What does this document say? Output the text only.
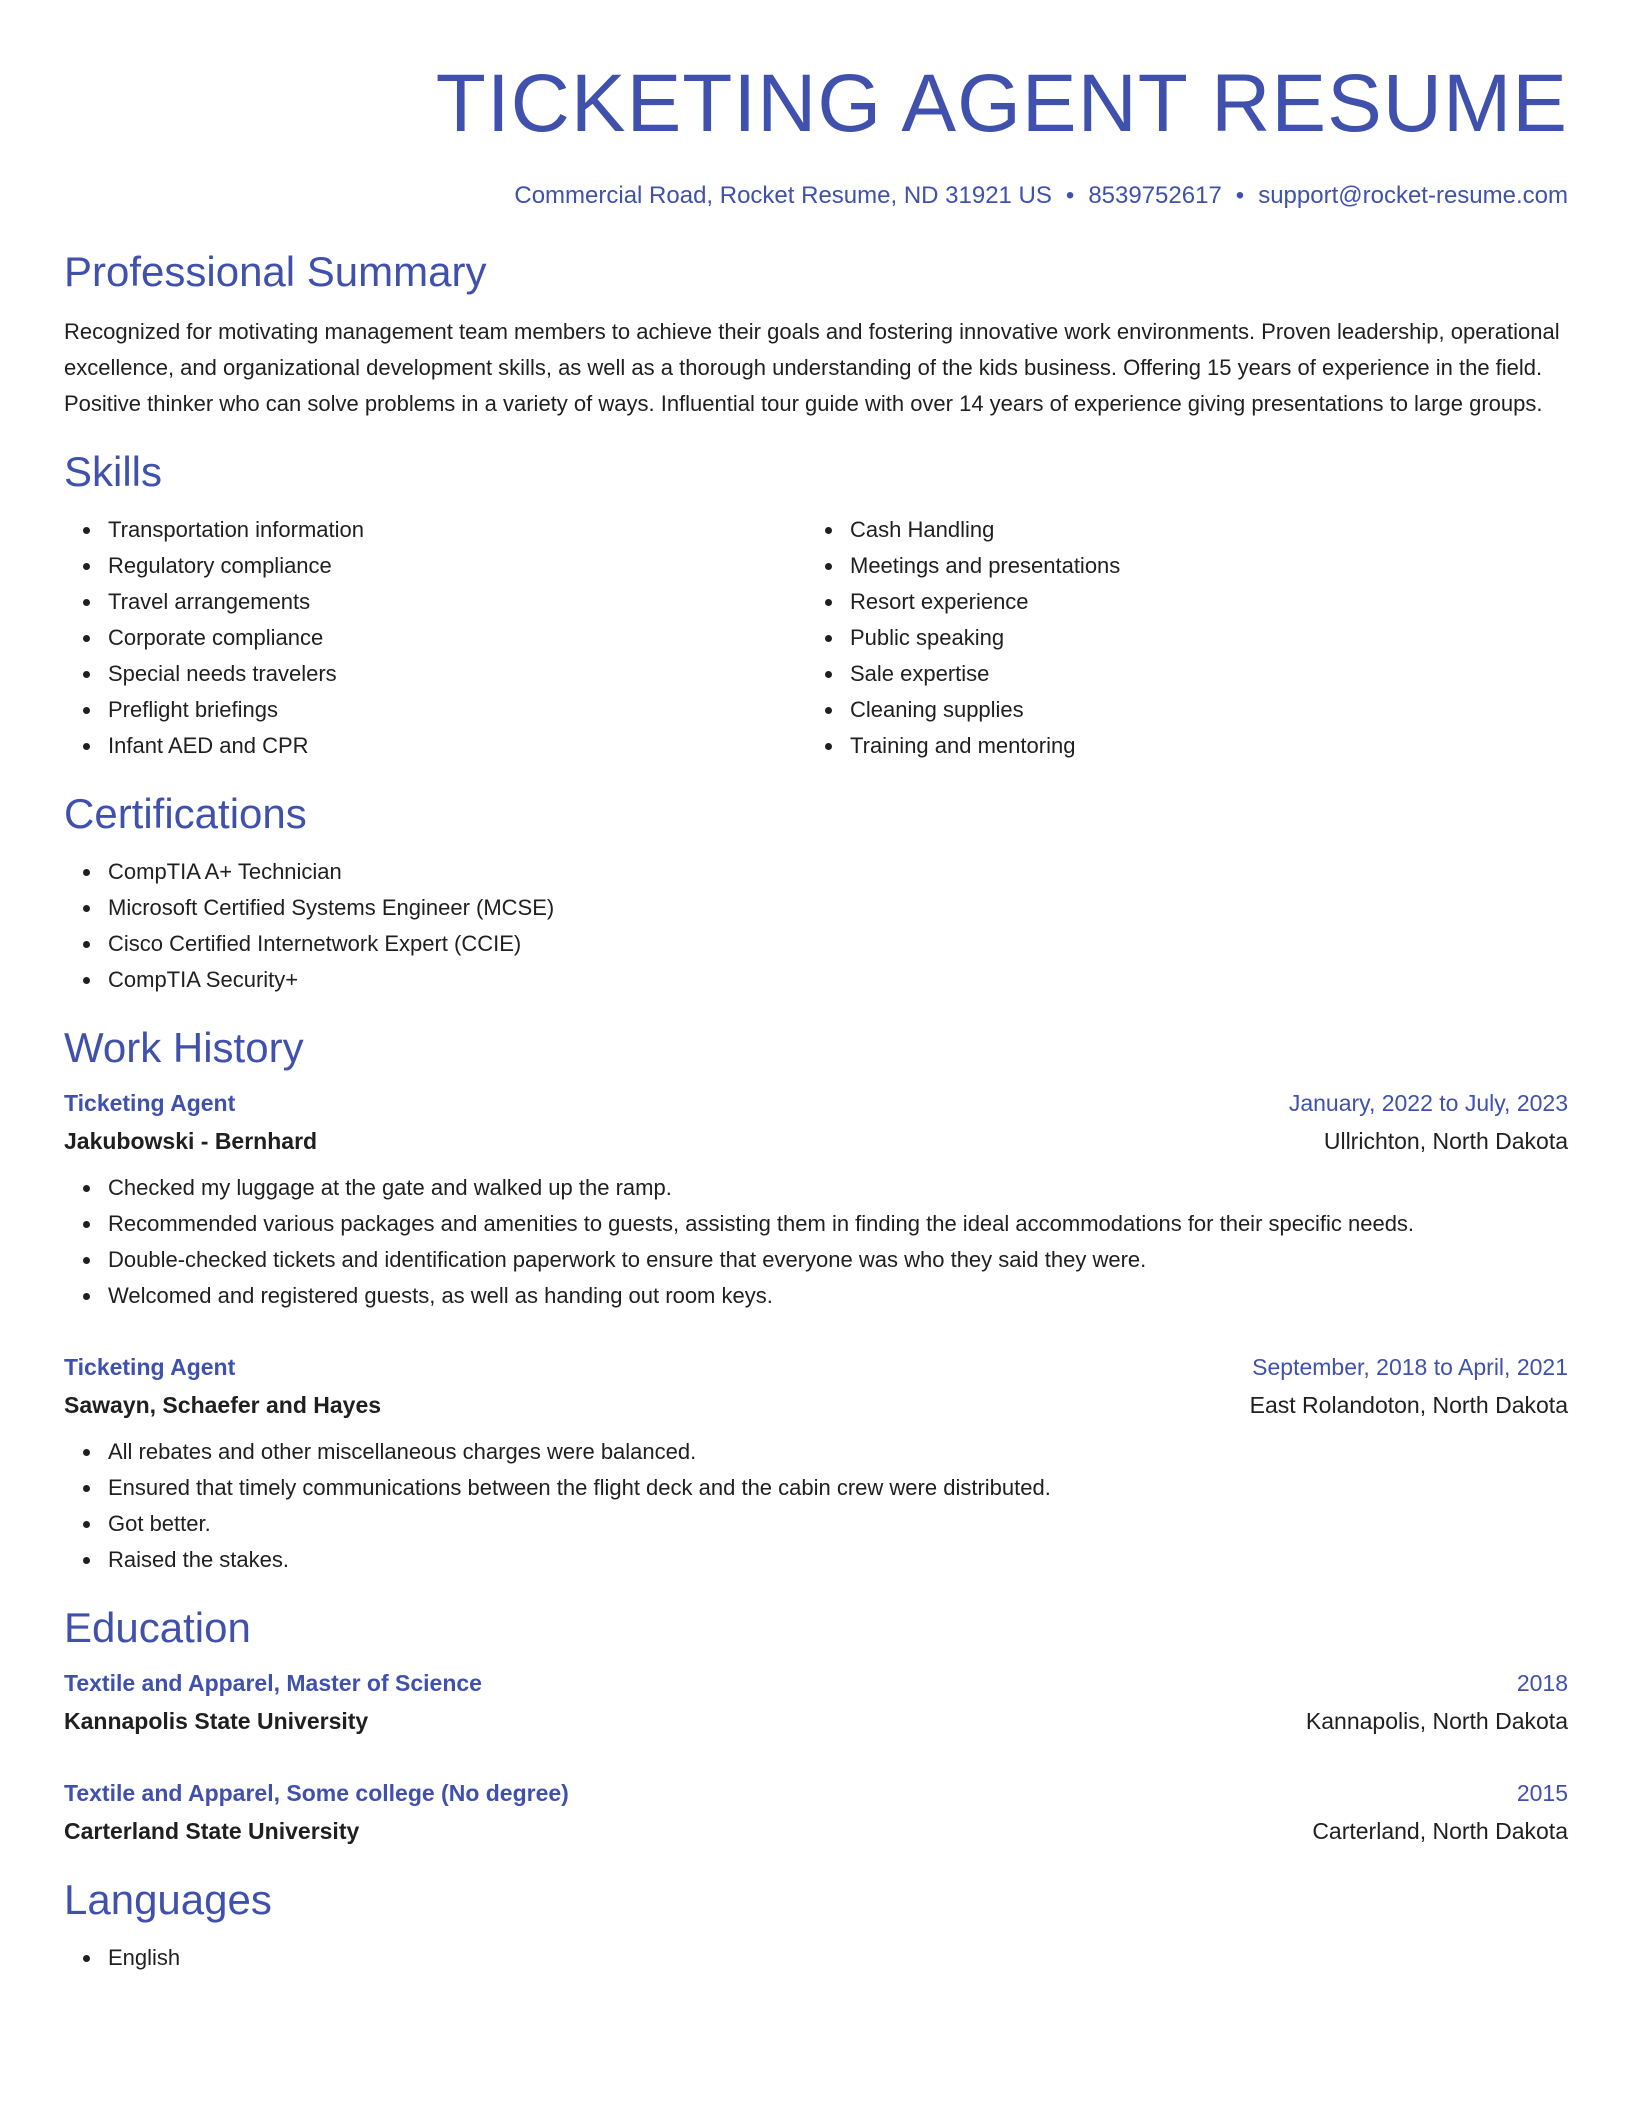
TICKETING AGENT RESUME
Commercial Road, Rocket Resume, ND 31921 US • 8539752617 • support@rocket-resume.com
Professional Summary

Recognized for motivating management team members to achieve their goals and fostering innovative work environments. Proven leadership, operational excellence, and organizational development skills, as well as a thorough understanding of the kids business. Offering 15 years of experience in the field. Positive thinker who can solve problems in a variety of ways. Influential tour guide with over 14 years of experience giving presentations to large groups.

Skills
Transportation information
Regulatory compliance
Travel arrangements
Corporate compliance
Special needs travelers
Preflight briefings
Infant AED and CPR
Cash Handling
Meetings and presentations
Resort experience
Public speaking
Sale expertise
Cleaning supplies
Training and mentoring
Certifications
CompTIA A+ Technician
Microsoft Certified Systems Engineer (MCSE)
Cisco Certified Internetwork Expert (CCIE)
CompTIA Security+
Work History
Ticketing Agent	January, 2022 to July, 2023
Jakubowski - Bernhard	Ullrichton, North Dakota
Checked my luggage at the gate and walked up the ramp.
Recommended various packages and amenities to guests, assisting them in finding the ideal accommodations for their specific needs.
Double-checked tickets and identification paperwork to ensure that everyone was who they said they were.
Welcomed and registered guests, as well as handing out room keys.
Ticketing Agent	September, 2018 to April, 2021
Sawayn, Schaefer and Hayes	East Rolandoton, North Dakota
All rebates and other miscellaneous charges were balanced.
Ensured that timely communications between the flight deck and the cabin crew were distributed.
Got better.
Raised the stakes.
Education
Textile and Apparel, Master of Science	2018
Kannapolis State University	Kannapolis, North Dakota
Textile and Apparel, Some college (No degree)	2015
Carterland State University	Carterland, North Dakota
Languages
English
